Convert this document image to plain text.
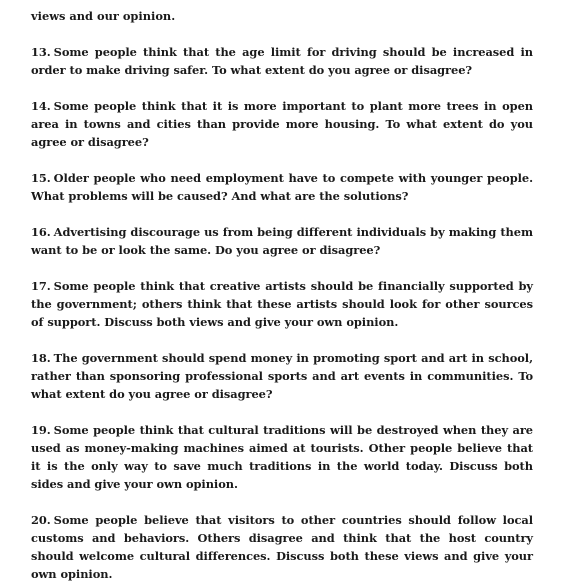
views and our opinion.

13. Some people think that the age limit for driving should be increased in order to make driving safer. To what extent do you agree or disagree?

14. Some people think that it is more important to plant more trees in open area in towns and cities than provide more housing. To what extent do you agree or disagree?

15. Older people who need employment have to compete with younger people. What problems will be caused? And what are the solutions?

16. Advertising discourage us from being different individuals by making them want to be or look the same. Do you agree or disagree?

17. Some people think that creative artists should be financially supported by the government; others think that these artists should look for other sources of support. Discuss both views and give your own opinion.

18. The government should spend money in promoting sport and art in school, rather than sponsoring professional sports and art events in communities. To what extent do you agree or disagree?

19. Some people think that cultural traditions will be destroyed when they are used as money-making machines aimed at tourists. Other people believe that it is the only way to save much traditions in the world today. Discuss both sides and give your own opinion.

20. Some people believe that visitors to other countries should follow local customs and behaviors. Others disagree and think that the host country should welcome cultural differences. Discuss both these views and give your own opinion.
